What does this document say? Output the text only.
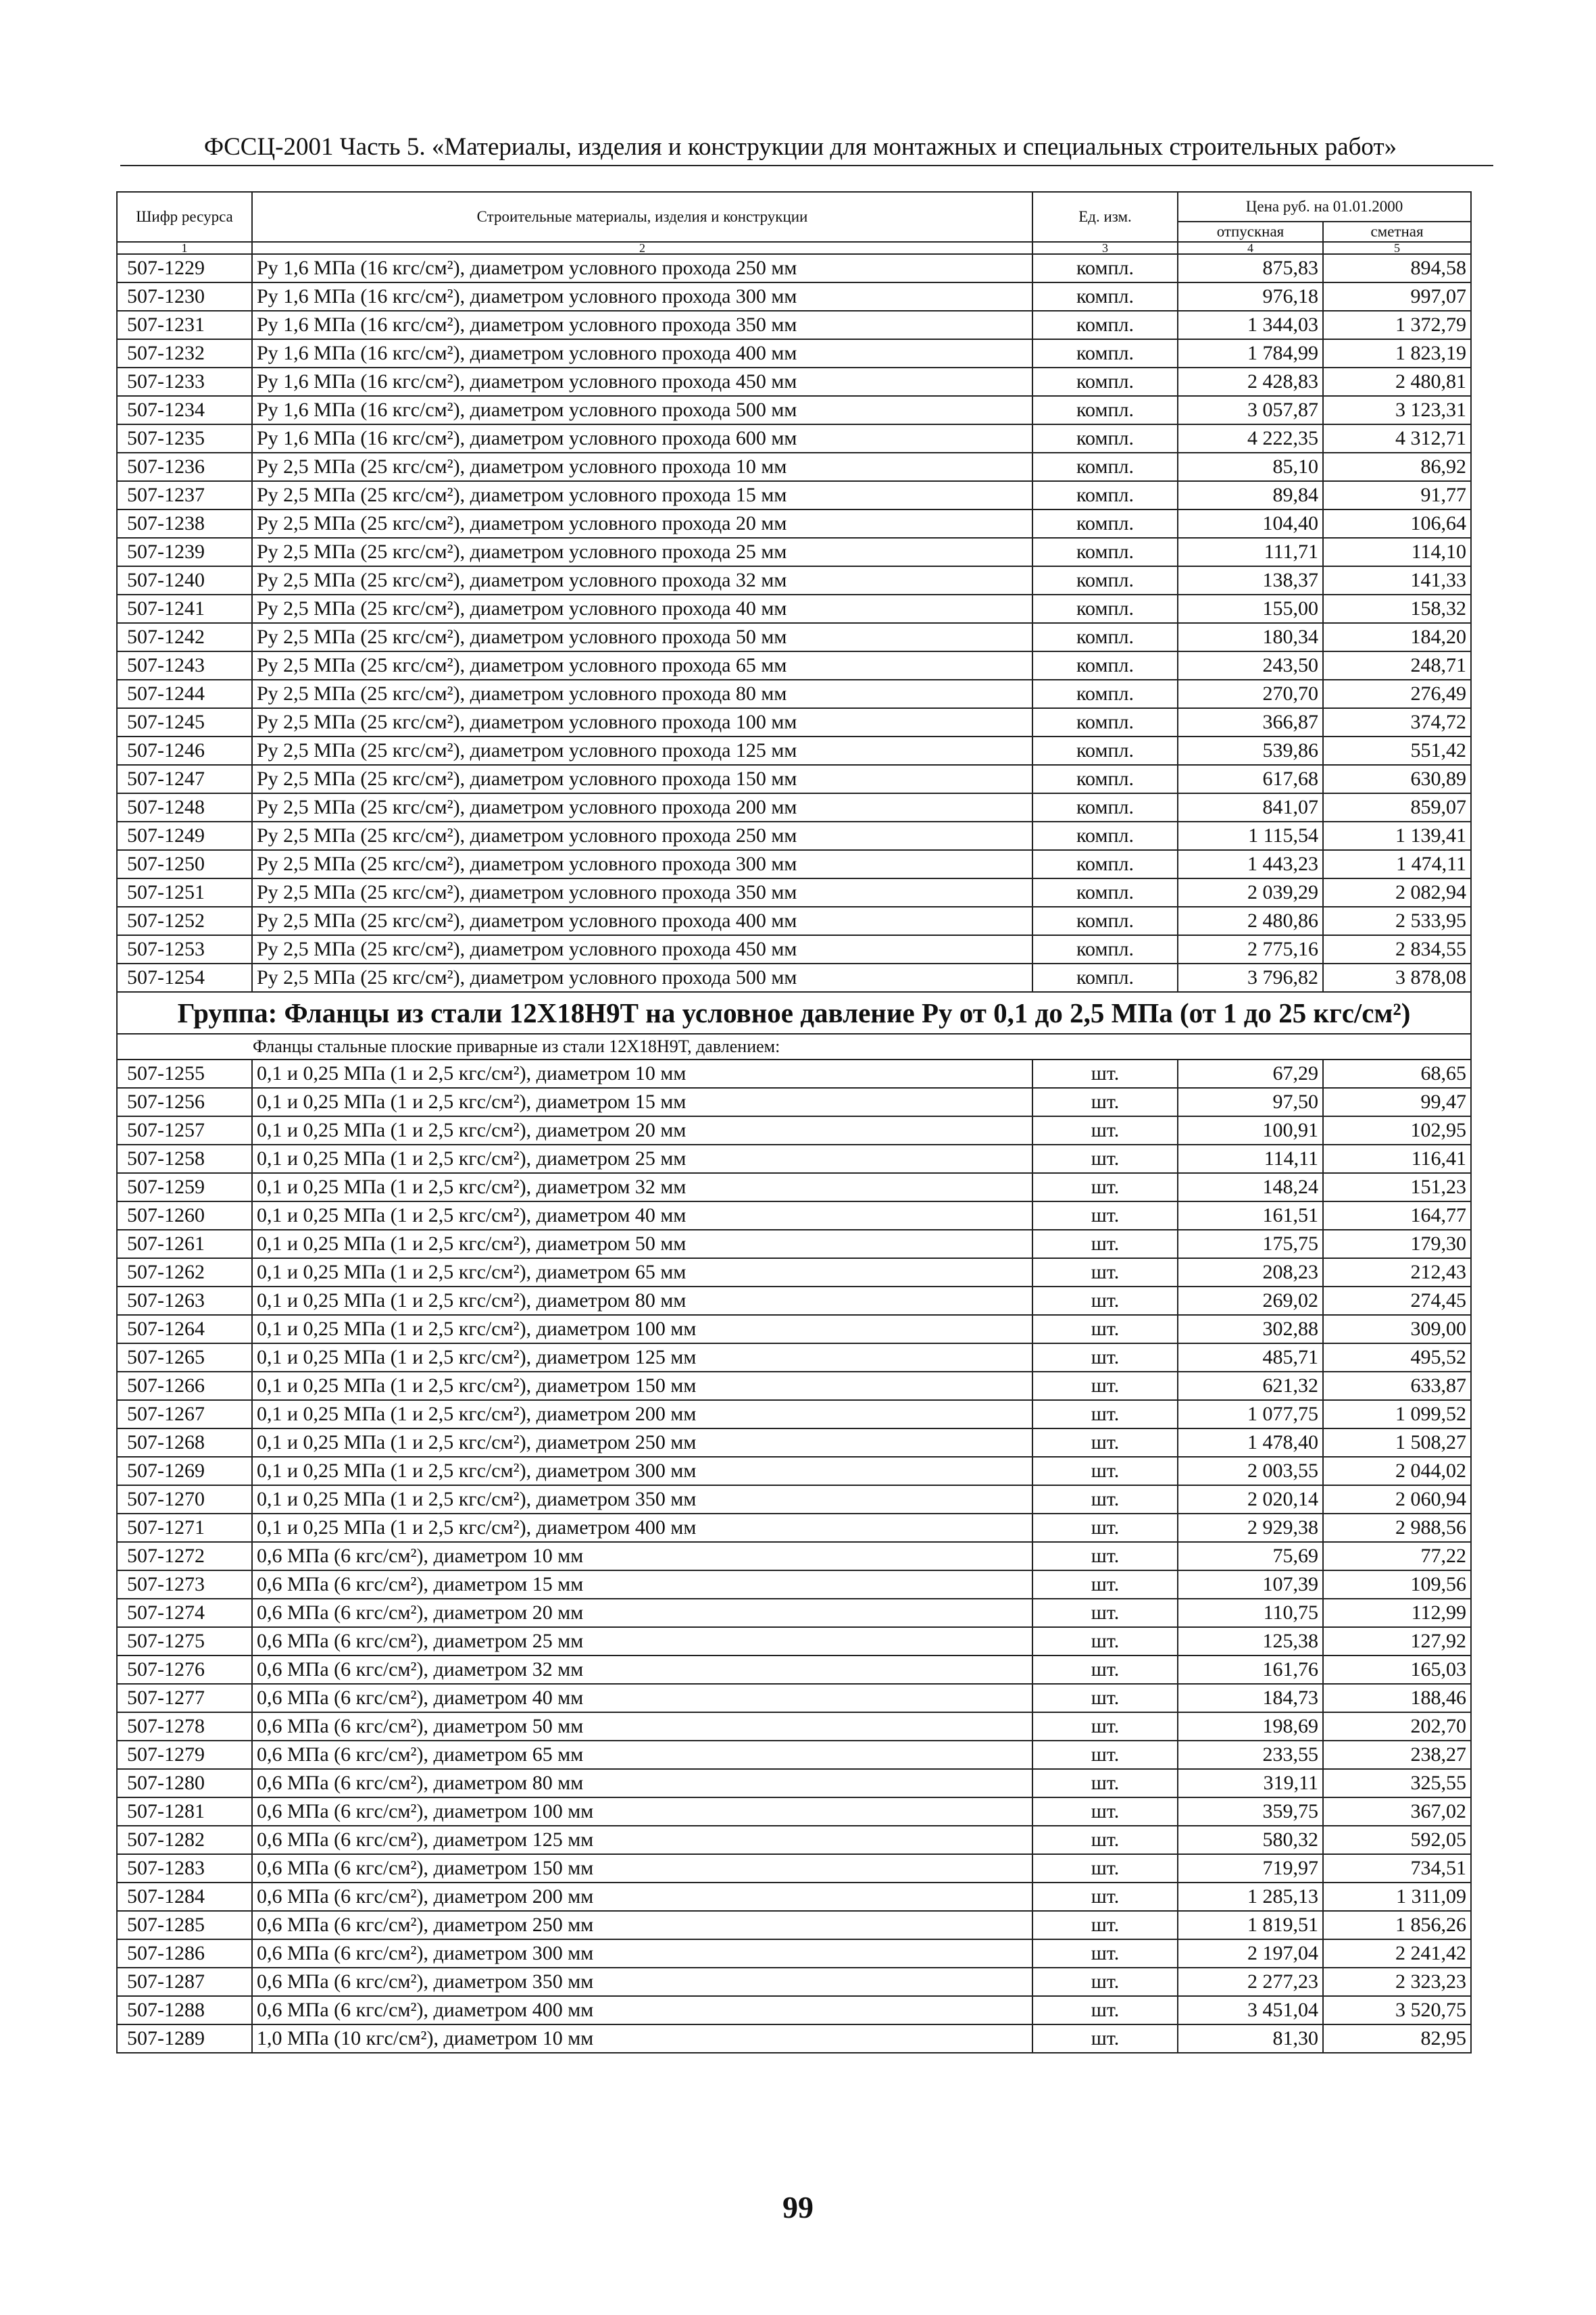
ФССЦ-2001 Часть 5. «Материалы, изделия и конструкции для монтажных и специальных строительных работ»
Шифр ресурса	Строительные материалы, изделия и конструкции	Ед. изм.	Цена руб. на 01.01.2000	
			отпускная	сметная
1	2	3	4	5
507-1229	Ру 1,6 МПа (16 кгс/см²), диаметром условного прохода 250 мм	компл.	875,83	894,58
507-1230	Ру 1,6 МПа (16 кгс/см²), диаметром условного прохода 300 мм	компл.	976,18	997,07
507-1231	Ру 1,6 МПа (16 кгс/см²), диаметром условного прохода 350 мм	компл.	1 344,03	1 372,79
507-1232	Ру 1,6 МПа (16 кгс/см²), диаметром условного прохода 400 мм	компл.	1 784,99	1 823,19
507-1233	Ру 1,6 МПа (16 кгс/см²), диаметром условного прохода 450 мм	компл.	2 428,83	2 480,81
507-1234	Ру 1,6 МПа (16 кгс/см²), диаметром условного прохода 500 мм	компл.	3 057,87	3 123,31
507-1235	Ру 1,6 МПа (16 кгс/см²), диаметром условного прохода 600 мм	компл.	4 222,35	4 312,71
507-1236	Ру 2,5 МПа (25 кгс/см²), диаметром условного прохода 10 мм	компл.	85,10	86,92
507-1237	Ру 2,5 МПа (25 кгс/см²), диаметром условного прохода 15 мм	компл.	89,84	91,77
507-1238	Ру 2,5 МПа (25 кгс/см²), диаметром условного прохода 20 мм	компл.	104,40	106,64
507-1239	Ру 2,5 МПа (25 кгс/см²), диаметром условного прохода 25 мм	компл.	111,71	114,10
507-1240	Ру 2,5 МПа (25 кгс/см²), диаметром условного прохода 32 мм	компл.	138,37	141,33
507-1241	Ру 2,5 МПа (25 кгс/см²), диаметром условного прохода 40 мм	компл.	155,00	158,32
507-1242	Ру 2,5 МПа (25 кгс/см²), диаметром условного прохода 50 мм	компл.	180,34	184,20
507-1243	Ру 2,5 МПа (25 кгс/см²), диаметром условного прохода 65 мм	компл.	243,50	248,71
507-1244	Ру 2,5 МПа (25 кгс/см²), диаметром условного прохода 80 мм	компл.	270,70	276,49
507-1245	Ру 2,5 МПа (25 кгс/см²), диаметром условного прохода 100 мм	компл.	366,87	374,72
507-1246	Ру 2,5 МПа (25 кгс/см²), диаметром условного прохода 125 мм	компл.	539,86	551,42
507-1247	Ру 2,5 МПа (25 кгс/см²), диаметром условного прохода 150 мм	компл.	617,68	630,89
507-1248	Ру 2,5 МПа (25 кгс/см²), диаметром условного прохода 200 мм	компл.	841,07	859,07
507-1249	Ру 2,5 МПа (25 кгс/см²), диаметром условного прохода 250 мм	компл.	1 115,54	1 139,41
507-1250	Ру 2,5 МПа (25 кгс/см²), диаметром условного прохода 300 мм	компл.	1 443,23	1 474,11
507-1251	Ру 2,5 МПа (25 кгс/см²), диаметром условного прохода 350 мм	компл.	2 039,29	2 082,94
507-1252	Ру 2,5 МПа (25 кгс/см²), диаметром условного прохода 400 мм	компл.	2 480,86	2 533,95
507-1253	Ру 2,5 МПа (25 кгс/см²), диаметром условного прохода 450 мм	компл.	2 775,16	2 834,55
507-1254	Ру 2,5 МПа (25 кгс/см²), диаметром условного прохода 500 мм	компл.	3 796,82	3 878,08
Группа: Фланцы из стали 12Х18Н9Т на условное давление Ру от 0,1 до 2,5 МПа (от 1 до 25 кгс/см²)				
Фланцы стальные плоские приварные из стали 12Х18Н9Т, давлением:				
507-1255	0,1 и 0,25 МПа (1 и 2,5 кгс/см²), диаметром 10 мм	шт.	67,29	68,65
507-1256	0,1 и 0,25 МПа (1 и 2,5 кгс/см²), диаметром 15 мм	шт.	97,50	99,47
507-1257	0,1 и 0,25 МПа (1 и 2,5 кгс/см²), диаметром 20 мм	шт.	100,91	102,95
507-1258	0,1 и 0,25 МПа (1 и 2,5 кгс/см²), диаметром 25 мм	шт.	114,11	116,41
507-1259	0,1 и 0,25 МПа (1 и 2,5 кгс/см²), диаметром 32 мм	шт.	148,24	151,23
507-1260	0,1 и 0,25 МПа (1 и 2,5 кгс/см²), диаметром 40 мм	шт.	161,51	164,77
507-1261	0,1 и 0,25 МПа (1 и 2,5 кгс/см²), диаметром 50 мм	шт.	175,75	179,30
507-1262	0,1 и 0,25 МПа (1 и 2,5 кгс/см²), диаметром 65 мм	шт.	208,23	212,43
507-1263	0,1 и 0,25 МПа (1 и 2,5 кгс/см²), диаметром 80 мм	шт.	269,02	274,45
507-1264	0,1 и 0,25 МПа (1 и 2,5 кгс/см²), диаметром 100 мм	шт.	302,88	309,00
507-1265	0,1 и 0,25 МПа (1 и 2,5 кгс/см²), диаметром 125 мм	шт.	485,71	495,52
507-1266	0,1 и 0,25 МПа (1 и 2,5 кгс/см²), диаметром 150 мм	шт.	621,32	633,87
507-1267	0,1 и 0,25 МПа (1 и 2,5 кгс/см²), диаметром 200 мм	шт.	1 077,75	1 099,52
507-1268	0,1 и 0,25 МПа (1 и 2,5 кгс/см²), диаметром 250 мм	шт.	1 478,40	1 508,27
507-1269	0,1 и 0,25 МПа (1 и 2,5 кгс/см²), диаметром 300 мм	шт.	2 003,55	2 044,02
507-1270	0,1 и 0,25 МПа (1 и 2,5 кгс/см²), диаметром 350 мм	шт.	2 020,14	2 060,94
507-1271	0,1 и 0,25 МПа (1 и 2,5 кгс/см²), диаметром 400 мм	шт.	2 929,38	2 988,56
507-1272	0,6 МПа (6 кгс/см²), диаметром 10 мм	шт.	75,69	77,22
507-1273	0,6 МПа (6 кгс/см²), диаметром 15 мм	шт.	107,39	109,56
507-1274	0,6 МПа (6 кгс/см²), диаметром 20 мм	шт.	110,75	112,99
507-1275	0,6 МПа (6 кгс/см²), диаметром 25 мм	шт.	125,38	127,92
507-1276	0,6 МПа (6 кгс/см²), диаметром 32 мм	шт.	161,76	165,03
507-1277	0,6 МПа (6 кгс/см²), диаметром 40 мм	шт.	184,73	188,46
507-1278	0,6 МПа (6 кгс/см²), диаметром 50 мм	шт.	198,69	202,70
507-1279	0,6 МПа (6 кгс/см²), диаметром 65 мм	шт.	233,55	238,27
507-1280	0,6 МПа (6 кгс/см²), диаметром 80 мм	шт.	319,11	325,55
507-1281	0,6 МПа (6 кгс/см²), диаметром 100 мм	шт.	359,75	367,02
507-1282	0,6 МПа (6 кгс/см²), диаметром 125 мм	шт.	580,32	592,05
507-1283	0,6 МПа (6 кгс/см²), диаметром 150 мм	шт.	719,97	734,51
507-1284	0,6 МПа (6 кгс/см²), диаметром 200 мм	шт.	1 285,13	1 311,09
507-1285	0,6 МПа (6 кгс/см²), диаметром 250 мм	шт.	1 819,51	1 856,26
507-1286	0,6 МПа (6 кгс/см²), диаметром 300 мм	шт.	2 197,04	2 241,42
507-1287	0,6 МПа (6 кгс/см²), диаметром 350 мм	шт.	2 277,23	2 323,23
507-1288	0,6 МПа (6 кгс/см²), диаметром 400 мм	шт.	3 451,04	3 520,75
507-1289	1,0 МПа (10 кгс/см²), диаметром 10 мм	шт.	81,30	82,95
99
